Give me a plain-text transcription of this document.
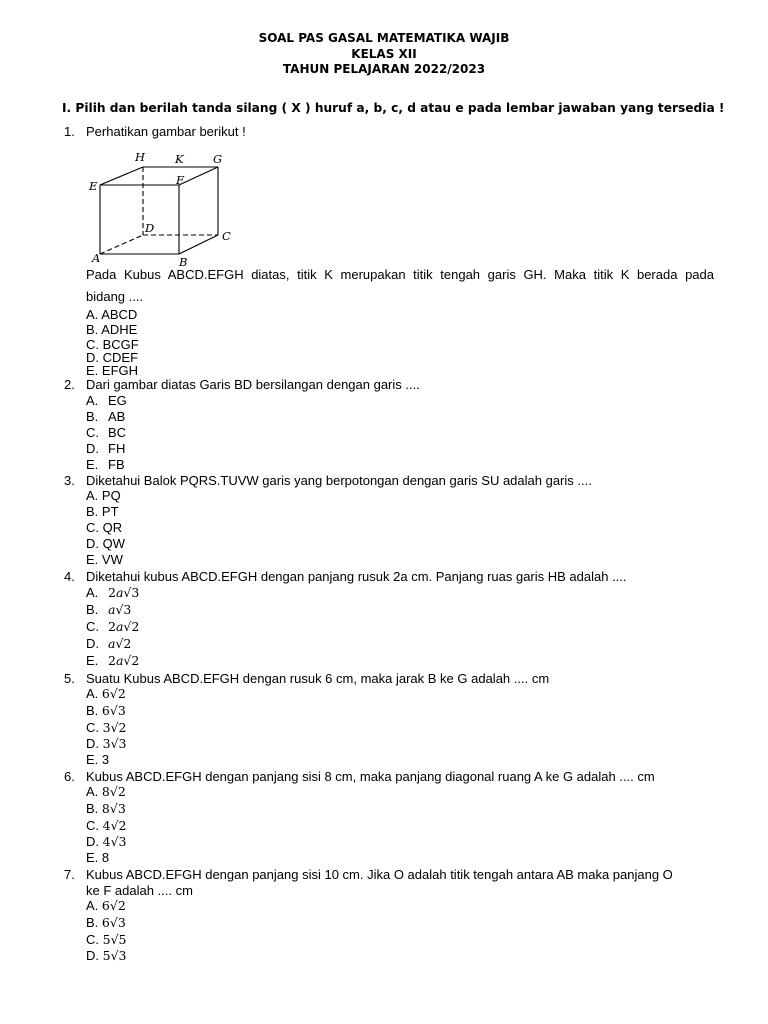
SOAL PAS GASAL MATEMATIKA WAJIB
KELAS XII
TAHUN PELAJARAN 2022/2023
I. Pilih dan berilah tanda silang ( X ) huruf a, b, c, d atau e pada lembar jawaban yang tersedia !
1. Perhatikan gambar berikut !
H	K	G
E	F
D
C
A	B
Pada Kubus ABCD.EFGH diatas, titik K merupakan titik tengah garis GH. Maka titik K berada pada
bidang ....
A. ABCD
B. ADHE
C. BCGF
D. CDEF
E. EFGH
2. Dari gambar diatas Garis BD bersilangan dengan garis ....
A. EG
B. AB
C. BC
D. FH
E. FB
3. Diketahui Balok PQRS.TUVW garis yang berpotongan dengan garis SU adalah garis ....
A. PQ
B. PT
C. QR
D. QW
E. VW
4. Diketahui kubus ABCD.EFGH dengan panjang rusuk 2a cm. Panjang ruas garis HB adalah ....
A. 2a√3
B. a√3
C. 2a√2
D. a√2
E. 2a√2
5. Suatu Kubus ABCD.EFGH dengan rusuk 6 cm, maka jarak B ke G adalah .... cm
A. 6√2
B. 6√3
C. 3√2
D. 3√3
E. 3
6. Kubus ABCD.EFGH dengan panjang sisi 8 cm, maka panjang diagonal ruang A ke G adalah .... cm
A. 8√2
B. 8√3
C. 4√2
D. 4√3
E. 8
7. Kubus ABCD.EFGH dengan panjang sisi 10 cm. Jika O adalah titik tengah antara AB maka panjang O
ke F adalah .... cm
A. 6√2
B. 6√3
C. 5√5
D. 5√3
